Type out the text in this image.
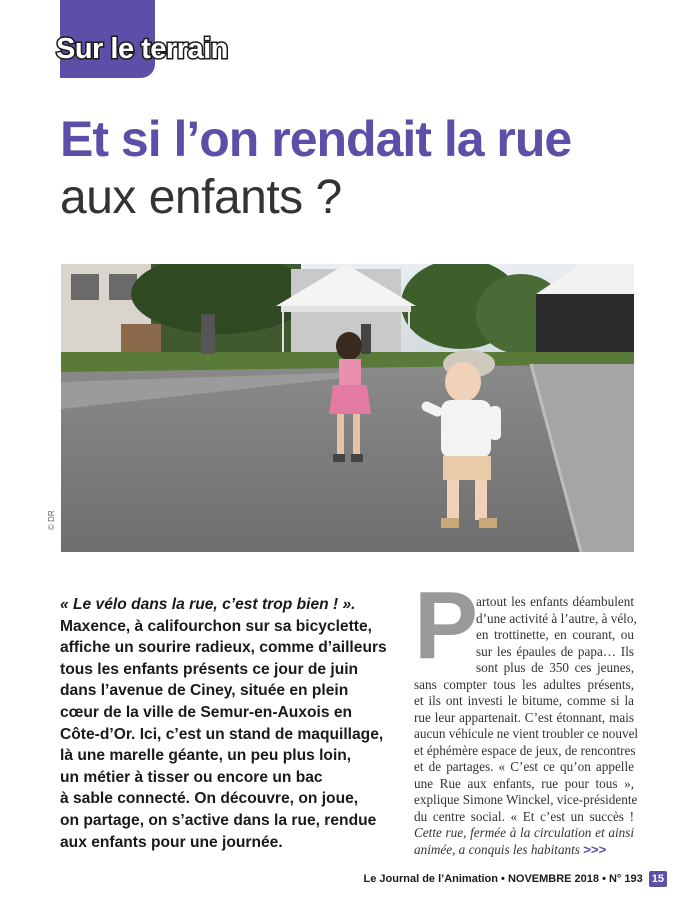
Sur le terrain
Et si l’on rendait la rue
aux enfants ?
© DR
« Le vélo dans la rue, c’est trop bien ! ».
Maxence, à califourchon sur sa bicyclette,
affiche un sourire radieux, comme d’ailleurs
tous les enfants présents ce jour de juin
dans l’avenue de Ciney, située en plein
cœur de la ville de Semur-en-Auxois en
Côte-d’Or. Ici, c’est un stand de maquillage,
là une marelle géante, un peu plus loin,
un métier à tisser ou encore un bac
à sable connecté. On découvre, on joue,
on partage, on s’active dans la rue, rendue
aux enfants pour une journée.
P
artout les enfants déambulent
d’une activité à l’autre, à vélo,
en trottinette, en courant, ou
sur les épaules de papa… Ils
sont plus de 350 ces jeunes,
sans compter tous les adultes présents,
et ils ont investi le bitume, comme si la
rue leur appartenait. C’est étonnant, mais
aucun véhicule ne vient troubler ce nouvel
et éphémère espace de jeux, de rencontres
et de partages. « C’est ce qu’on appelle
une Rue aux enfants, rue pour tous »,
explique Simone Winckel, vice-présidente
du centre social. « Et c’est un succès !
Cette rue, fermée à la circulation et ainsi
animée, a conquis les habitants >>>
Le Journal de l’Animation • NOVEMBRE 2018 • N° 193 15
